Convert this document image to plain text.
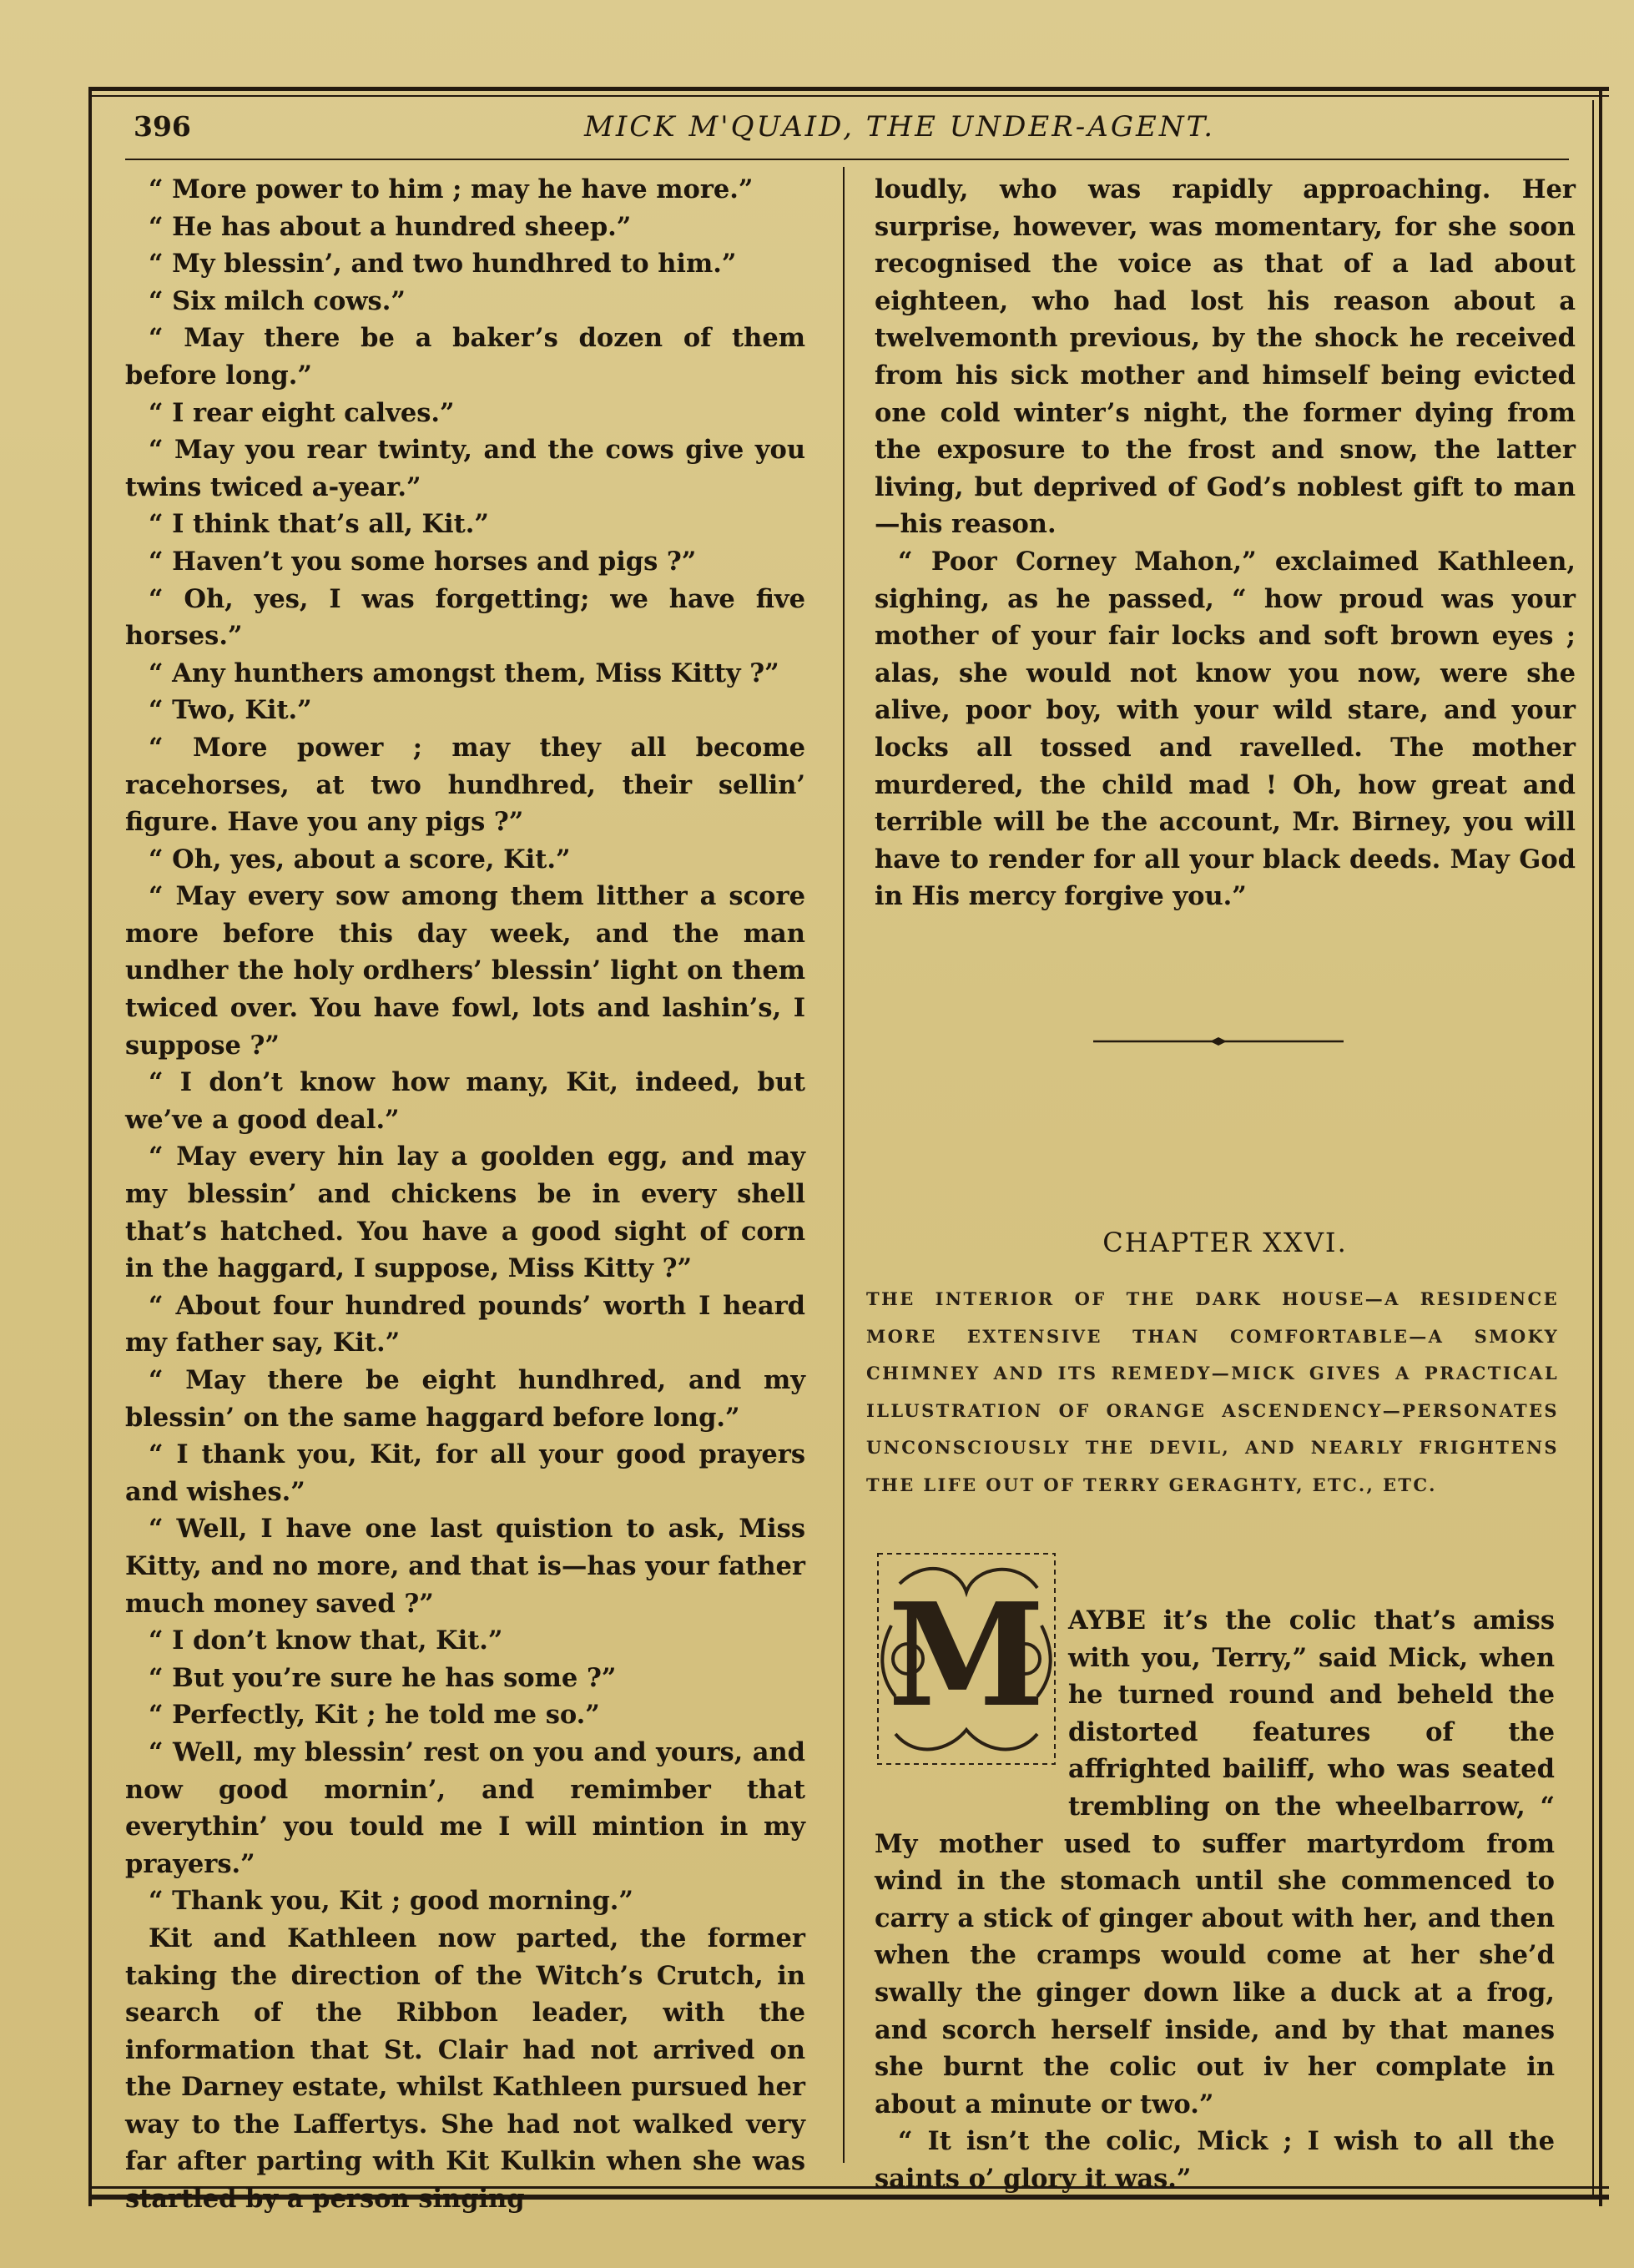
396	MICK M'QUAID, THE UNDER-AGENT.

“ More power to him ; may he have more.”

“ He has about a hundred sheep.”

“ My blessin’, and two hundhred to him.”

“ Six milch cows.”

“ May there be a baker’s dozen of them before long.”

“ I rear eight calves.”

“ May you rear twinty, and the cows give you twins twiced a-year.”

“ I think that’s all, Kit.”

“ Haven’t you some horses and pigs ?”

“ Oh, yes, I was forgetting; we have five horses.”

“ Any hunthers amongst them, Miss Kitty ?”

“ Two, Kit.”

“ More power ; may they all become racehorses, at two hundhred, their sellin’ figure. Have you any pigs ?”

“ Oh, yes, about a score, Kit.”

“ May every sow among them litther a score more before this day week, and the man undher the holy ordhers’ blessin’ light on them twiced over. You have fowl, lots and lashin’s, I suppose ?”

“ I don’t know how many, Kit, indeed, but we’ve a good deal.”

“ May every hin lay a goolden egg, and may my blessin’ and chickens be in every shell that’s hatched. You have a good sight of corn in the haggard, I suppose, Miss Kitty ?”

“ About four hundred pounds’ worth I heard my father say, Kit.”

“ May there be eight hundhred, and my blessin’ on the same haggard before long.”

“ I thank you, Kit, for all your good prayers and wishes.”

“ Well, I have one last quistion to ask, Miss Kitty, and no more, and that is—has your father much money saved ?”

“ I don’t know that, Kit.”

“ But you’re sure he has some ?”

“ Perfectly, Kit ; he told me so.”

“ Well, my blessin’ rest on you and yours, and now good mornin’, and remimber that everythin’ you tould me I will mintion in my prayers.”

“ Thank you, Kit ; good morning.”

Kit and Kathleen now parted, the former taking the direction of the Witch’s Crutch, in search of the Ribbon leader, with the information that St. Clair had not arrived on the Darney estate, whilst Kathleen pursued her way to the Laffertys. She had not walked very far after parting with Kit Kulkin when she was startled by a person singing

loudly, who was rapidly approaching. Her surprise, however, was momentary, for she soon recognised the voice as that of a lad about eighteen, who had lost his reason about a twelvemonth previous, by the shock he received from his sick mother and himself being evicted one cold winter’s night, the former dying from the exposure to the frost and snow, the latter living, but deprived of God’s noblest gift to man—his reason.

“ Poor Corney Mahon,” exclaimed Kathleen, sighing, as he passed, “ how proud was your mother of your fair locks and soft brown eyes ; alas, she would not know you now, were she alive, poor boy, with your wild stare, and your locks all tossed and ravelled. The mother murdered, the child mad ! Oh, how great and terrible will be the account, Mr. Birney, you will have to render for all your black deeds. May God in His mercy forgive you.”

CHAPTER XXVI.
THE INTERIOR OF THE DARK HOUSE—A RESIDENCE MORE EXTENSIVE THAN COMFORTABLE—A SMOKY CHIMNEY AND ITS REMEDY—MICK GIVES A PRACTICAL ILLUSTRATION OF ORANGE ASCENDENCY—PERSONATES UNCONSCIOUSLY THE DEVIL, AND NEARLY FRIGHTENS THE LIFE OUT OF TERRY GERAGHTY, ETC., ETC.
M AYBE it’s the colic that’s amiss with you, Terry,” said Mick, when he turned round and beheld the distorted features of the affrighted bailiff, who was seated trembling on the wheelbarrow, “ My mother used to suffer martyrdom from wind in the stomach until she commenced to carry a stick of ginger about with her, and then when the cramps would come at her she’d swally the ginger down like a duck at a frog, and scorch herself inside, and by that manes she burnt the colic out iv her complate in about a minute or two.”

“ It isn’t the colic, Mick ; I wish to all the saints o’ glory it was.”
